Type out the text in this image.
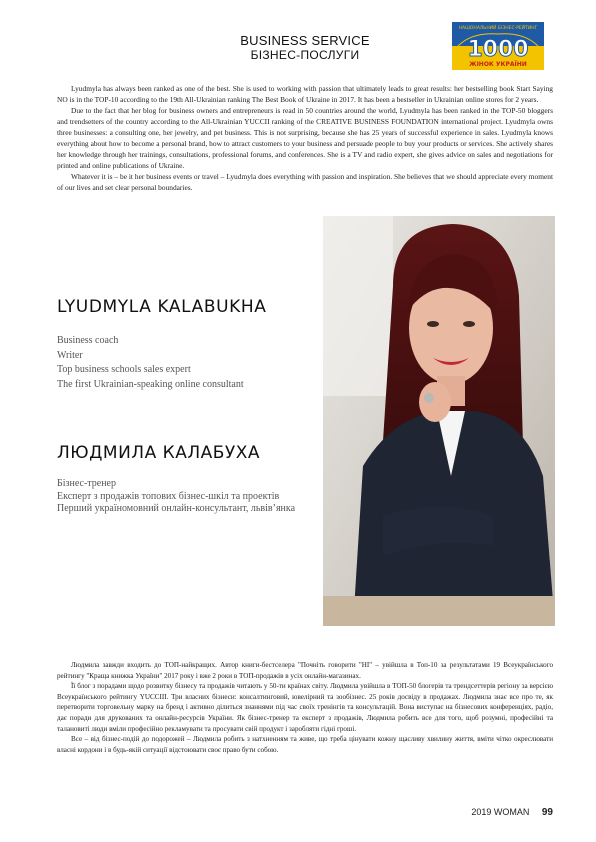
BUSINESS SERVICE
БІЗНЕС-ПОСЛУГИ
НАЦІОНАЛЬНИЙ БІЗНЕС-РЕЙТИНГ
1000
ЖІНОК УКРАЇНИ

Lyudmyla has always been ranked as one of the best. She is used to working with passion that ultimately leads to great results: her bestselling book Start Saying NO is in the TOP-10 according to the 19th All-Ukrainian ranking The Best Book of Ukraine in 2017. It has been a bestseller in Ukrainian online stores for 2 years.

Due to the fact that her blog for business owners and entrepreneurs is read in 50 countries around the world, Lyudmyla has been ranked in the TOP-50 bloggers and trendsetters of the country according to the All-Ukrainian YUCCII ranking of the CREATIVE BUSINESS FOUNDATION international project. Lyudmyla owns three businesses: a consulting one, her jewelry, and pet business. This is not surprising, because she has 25 years of successful experience in sales. Lyudmyla knows everything about how to become a personal brand, how to attract customers to your business and persuade people to buy your products or services. She actively shares her knowledge through her trainings, consultations, professional forums, and conferences. She is a TV and radio expert, she gives advice on sales and negotiations for printed and online publications of Ukraine.

Whatever it is – be it her business events or travel – Lyudmyla does everything with passion and inspiration. She believes that we should appreciate every moment of our lives and set clear personal boundaries.

LYUDMYLA KALABUKHA
Business coach
Writer
Top business schools sales expert
The first Ukrainian-speaking online consultant
ЛЮДМИЛА КАЛАБУХА
Бізнес-тренер
Експерт з продажів топових бізнес-шкіл та проектів
Перший україномовний онлайн-консультант, львів’янка

Людмила завжди входить до ТОП-найкращих. Автор книги-бестселера "Почніть говорити "НІ" – увійшла в Топ-10 за результатами 19 Всеукраїнського рейтингу "Краща книжка України" 2017 року і вже 2 роки в ТОП-продажів в усіх онлайн-магазинах.

Її блог з порадами щодо розвитку бізнесу та продажів читають у 50-ти країнах світу. Людмила увійшла в ТОП-50 блогерів та трендсеттерів регіону за версією Всеукраїнського рейтингу YUCCIII. Три власних бізнеси: консалтинговий, ювелірний та зообізнес. 25 років досвіду в продажах. Людмила знає все про те, як перетворити торговельну марку на бренд і активно ділиться знаннями під час своїх тренінгів та консультацій. Вона виступає на бізнесових конференціях, радіо, дає поради для друкованих та онлайн-ресурсів України. Як бізнес-тренер та експерт з продажів, Людмила робить все для того, щоб розумні, професійні та талановиті люди вміли професійно рекламувати та просувати свій продукт і заробляти гідні гроші.

Все – від бізнес-подій до подорожей – Людмила робить з натхненням та живе, що треба цінувати кожну щасливу хвилину життя, вміти чітко окреслювати власні кордони і в будь-якій ситуації відстоювати своє право бути собою.

2019 WOMAN 99
